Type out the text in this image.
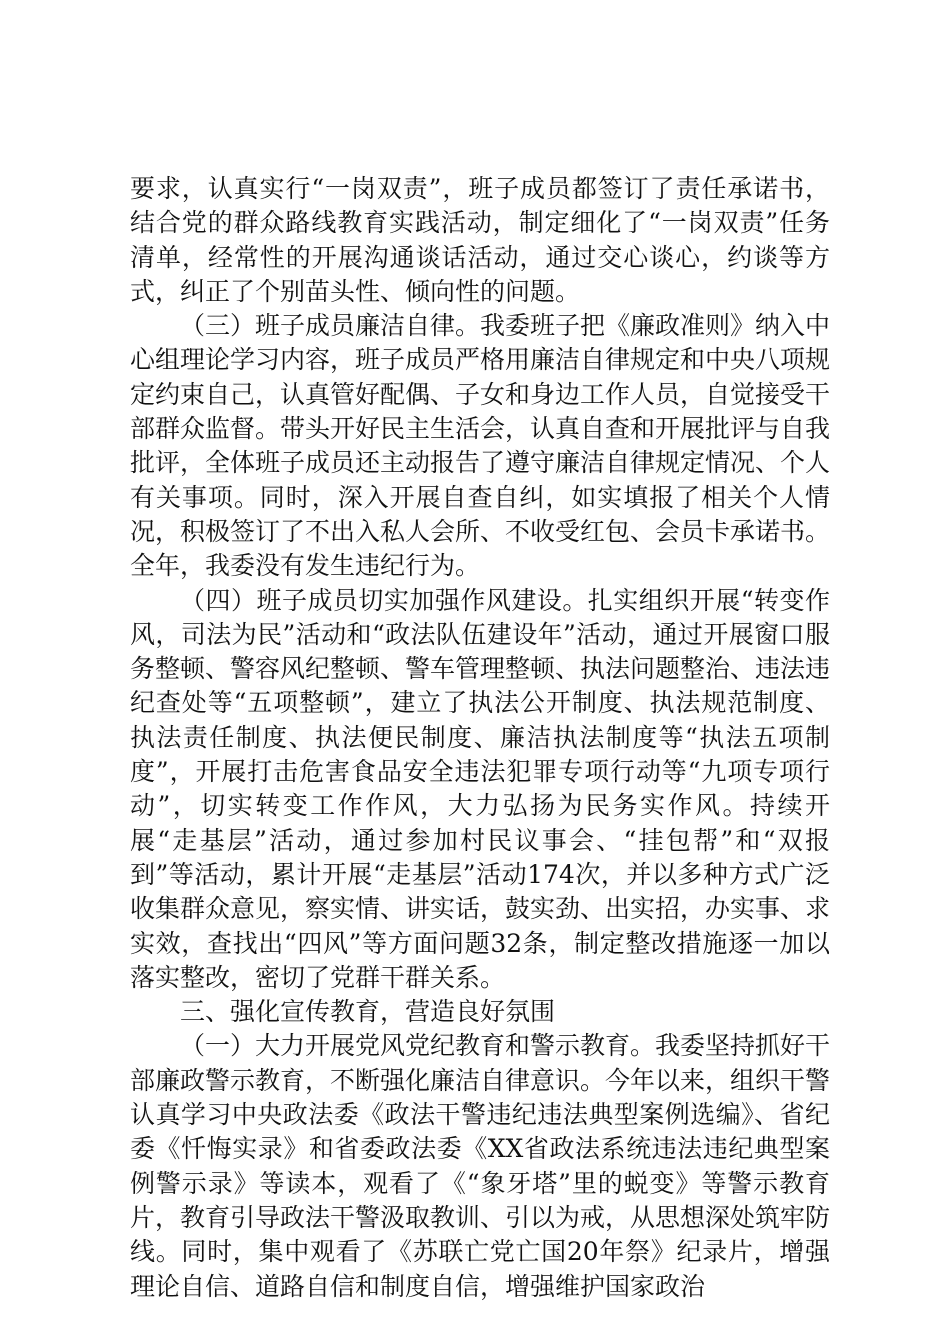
要求，认真实行“一岗双责”，班子成员都签订了责任承诺书，结合党的群众路线教育实践活动，制定细化了“一岗双责”任务清单，经常性的开展沟通谈话活动，通过交心谈心，约谈等方式，纠正了个别苗头性、倾向性的问题。

（三）班子成员廉洁自律。我委班子把《廉政准则》纳入中心组理论学习内容，班子成员严格用廉洁自律规定和中央八项规定约束自己，认真管好配偶、子女和身边工作人员，自觉接受干部群众监督。带头开好民主生活会，认真自查和开展批评与自我批评，全体班子成员还主动报告了遵守廉洁自律规定情况、个人有关事项。同时，深入开展自查自纠，如实填报了相关个人情况，积极签订了不出入私人会所、不收受红包、会员卡承诺书。全年，我委没有发生违纪行为。

（四）班子成员切实加强作风建设。扎实组织开展“转变作风，司法为民”活动和“政法队伍建设年”活动，通过开展窗口服务整顿、警容风纪整顿、警车管理整顿、执法问题整治、违法违纪查处等“五项整顿”，建立了执法公开制度、执法规范制度、执法责任制度、执法便民制度、廉洁执法制度等“执法五项制度”，开展打击危害食品安全违法犯罪专项行动等“九项专项行动”，切实转变工作作风，大力弘扬为民务实作风。持续开展“走基层”活动，通过参加村民议事会、“挂包帮”和“双报到”等活动，累计开展“走基层”活动174次，并以多种方式广泛收集群众意见，察实情、讲实话，鼓实劲、出实招，办实事、求实效，查找出“四风”等方面问题32条，制定整改措施逐一加以落实整改，密切了党群干群关系。

三、强化宣传教育，营造良好氛围

（一）大力开展党风党纪教育和警示教育。我委坚持抓好干部廉政警示教育，不断强化廉洁自律意识。今年以来，组织干警认真学习中央政法委《政法干警违纪违法典型案例选编》、省纪委《忏悔实录》和省委政法委《XX省政法系统违法违纪典型案例警示录》等读本，观看了《“象牙塔”里的蜕变》等警示教育片，教育引导政法干警汲取教训、引以为戒，从思想深处筑牢防线。同时，集中观看了《苏联亡党亡国20年祭》纪录片，增强理论自信、道路自信和制度自信，增强维护国家政治
